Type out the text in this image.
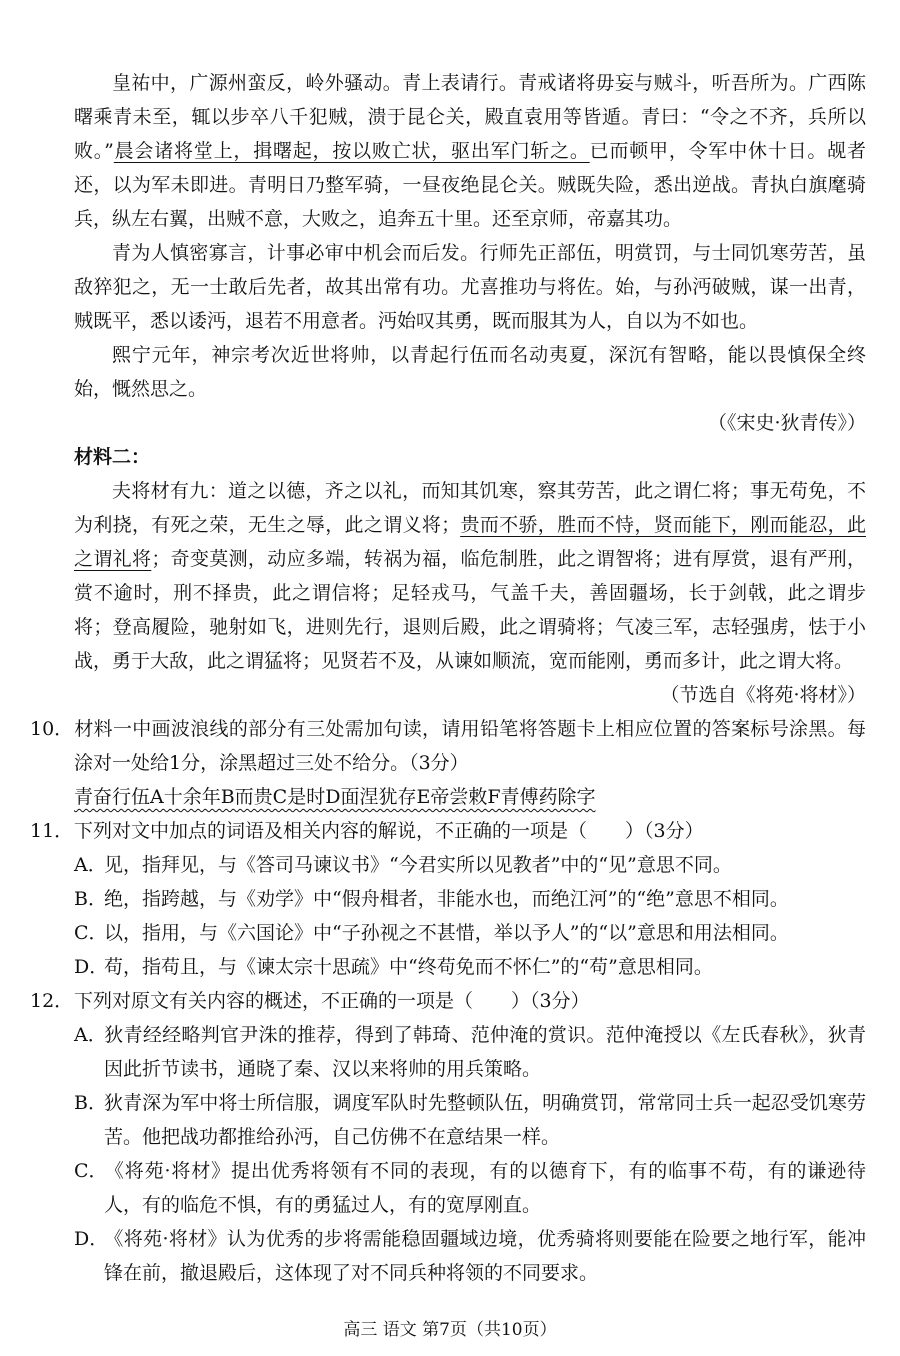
皇祐中，广源州蛮反，岭外骚动。青上表请行。青戒诸将毋妄与贼斗，听吾所为。广西陈曙乘青未至，辄以步卒八千犯贼，溃于昆仑关，殿直袁用等皆遁。青曰：“令之不齐，兵所以败。”晨会诸将堂上，揖曙起，按以败亡状，驱出军门斩之。已而顿甲，令军中休十日。觇者还，以为军未即进。青明日乃整军骑，一昼夜绝昆仑关。贼既失险，悉出逆战。青执白旗麾骑兵，纵左右翼，出贼不意，大败之，追奔五十里。还至京师，帝嘉其功。

青为人慎密寡言，计事必审中机会而后发。行师先正部伍，明赏罚，与士同饥寒劳苦，虽敌猝犯之，无一士敢后先者，故其出常有功。尤喜推功与将佐。始，与孙沔破贼，谋一出青，贼既平，悉以诿沔，退若不用意者。沔始叹其勇，既而服其为人，自以为不如也。

熙宁元年，神宗考次近世将帅，以青起行伍而名动夷夏，深沉有智略，能以畏慎保全终始，慨然思之。

（《宋史·狄青传》）

材料二：

夫将材有九：道之以德，齐之以礼，而知其饥寒，察其劳苦，此之谓仁将；事无苟免，不为利挠，有死之荣，无生之辱，此之谓义将；贵而不骄，胜而不恃，贤而能下，刚而能忍，此之谓礼将；奇变莫测，动应多端，转祸为福，临危制胜，此之谓智将；进有厚赏，退有严刑，赏不逾时，刑不择贵，此之谓信将；足轻戎马，气盖千夫，善固疆场，长于剑戟，此之谓步将；登高履险，驰射如飞，进则先行，退则后殿，此之谓骑将；气凌三军，志轻强虏，怯于小战，勇于大敌，此之谓猛将；见贤若不及，从谏如顺流，宽而能刚，勇而多计，此之谓大将。

（节选自《将苑·将材》）

10．材料一中画波浪线的部分有三处需加句读，请用铅笔将答题卡上相应位置的答案标号涂黑。每涂对一处给1分，涂黑超过三处不给分。（3分）

青奋行伍A十余年B而贵C是时D面涅犹存E帝尝敕F青傅药除字

11．下列对文中加点的词语及相关内容的解说，不正确的一项是（　　）（3分）

A．见，指拜见，与《答司马谏议书》“今君实所以见教者”中的“见”意思不同。

B．绝，指跨越，与《劝学》中“假舟楫者，非能水也，而绝江河”的“绝”意思不相同。

C．以，指用，与《六国论》中“子孙视之不甚惜，举以予人”的“以”意思和用法相同。

D．苟，指苟且，与《谏太宗十思疏》中“终苟免而不怀仁”的“苟”意思相同。

12．下列对原文有关内容的概述，不正确的一项是（　　）（3分）

A．狄青经经略判官尹洙的推荐，得到了韩琦、范仲淹的赏识。范仲淹授以《左氏春秋》，狄青因此折节读书，通晓了秦、汉以来将帅的用兵策略。

B．狄青深为军中将士所信服，调度军队时先整顿队伍，明确赏罚，常常同士兵一起忍受饥寒劳苦。他把战功都推给孙沔，自己仿佛不在意结果一样。

C．《将苑·将材》提出优秀将领有不同的表现，有的以德育下，有的临事不苟，有的谦逊待人，有的临危不惧，有的勇猛过人，有的宽厚刚直。

D．《将苑·将材》认为优秀的步将需能稳固疆域边境，优秀骑将则要能在险要之地行军，能冲锋在前，撤退殿后，这体现了对不同兵种将领的不同要求。

高三 语文 第7页（共10页）
